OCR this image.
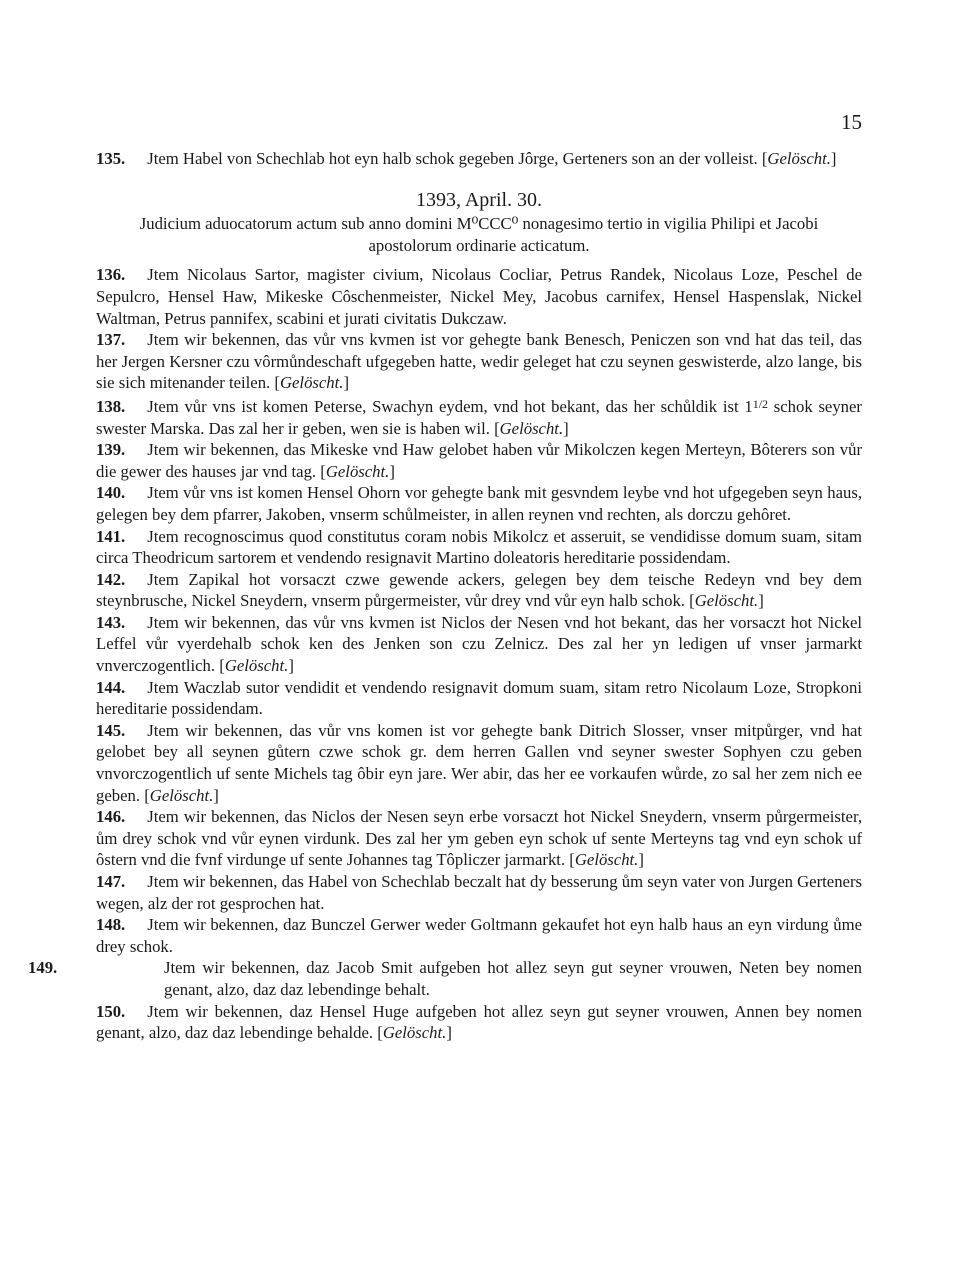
15

135. Jtem Habel von Schechlab hot eyn halb schok gegeben Jôrge, Gerteners son an der volleist. [Gelöscht.]

1393, April. 30.

Judicium aduocatorum actum sub anno domini M⁰CCC⁰ nonagesimo tertio in vigilia Philipi et Jacobi apostolorum ordinarie acticatum.

136. Jtem Nicolaus Sartor, magister civium, Nicolaus Cocliar, Petrus Randek, Nicolaus Loze, Peschel de Sepulcro, Hensel Haw, Mikeske Côschenmeister, Nickel Mey, Jacobus carnifex, Hensel Haspenslak, Nickel Waltman, Petrus pannifex, scabini et jurati civitatis Dukczaw.

137. Jtem wir bekennen, das vůr vns kvmen ist vor gehegte bank Benesch, Peniczen son vnd hat das teil, das her Jergen Kersner czu vôrmůndeschaft ufgegeben hatte, wedir geleget hat czu seynen geswisterde, alzo lange, bis sie sich mitenander teilen. [Gelöscht.]

138. Jtem vůr vns ist komen Peterse, Swachyn eydem, vnd hot bekant, das her schůldik ist $1^{1/2}$ schok seyner swester Marska. Das zal her ir geben, wen sie is haben wil. [Gelöscht.]

139. Jtem wir bekennen, das Mikeske vnd Haw gelobet haben vůr Mikolczen kegen Merteyn, Bôterers son vůr die gewer des hauses jar vnd tag. [Gelöscht.]

140. Jtem vůr vns ist komen Hensel Ohorn vor gehegte bank mit gesvndem leybe vnd hot ufgegeben seyn haus, gelegen bey dem pfarrer, Jakoben, vnserm schůlmeister, in allen reynen vnd rechten, als dorczu gehôret.

141. Jtem recognoscimus quod constitutus coram nobis Mikolcz et asseruit, se vendidisse domum suam, sitam circa Theodricum sartorem et vendendo resignavit Martino doleatoris hereditarie possidendam.

142. Jtem Zapikal hot vorsaczt czwe gewende ackers, gelegen bey dem teische Redeyn vnd bey dem steynbrusche, Nickel Sneydern, vnserm půrgermeister, vůr drey vnd vůr eyn halb schok. [Gelöscht.]

143. Jtem wir bekennen, das vůr vns kvmen ist Niclos der Nesen vnd hot bekant, das her vorsaczt hot Nickel Leffel vůr vyerdehalb schok ken des Jenken son czu Zelnicz. Des zal her yn ledigen uf vnser jarmarkt vnverczogentlich. [Gelöscht.]

144. Jtem Waczlab sutor vendidit et vendendo resignavit domum suam, sitam retro Nicolaum Loze, Stropkoni hereditarie possidendam.

145. Jtem wir bekennen, das vůr vns komen ist vor gehegte bank Ditrich Slosser, vnser mitpůrger, vnd hat gelobet bey all seynen gůtern czwe schok gr. dem herren Gallen vnd seyner swester Sophyen czu geben vnvorczogentlich uf sente Michels tag ôbir eyn jare. Wer abir, das her ee vorkaufen wůrde, zo sal her zem nich ee geben. [Gelöscht.]

146. Jtem wir bekennen, das Niclos der Nesen seyn erbe vorsaczt hot Nickel Sneydern, vnserm půrgermeister, ům drey schok vnd vůr eynen virdunk. Des zal her ym geben eyn schok uf sente Merteyns tag vnd eyn schok uf ôstern vnd die fvnf virdunge uf sente Johannes tag Tôpliczer jarmarkt. [Gelöscht.]

147. Jtem wir bekennen, das Habel von Schechlab beczalt hat dy besserung ům seyn vater von Jurgen Gerteners wegen, alz der rot gesprochen hat.

148. Jtem wir bekennen, daz Bunczel Gerwer weder Goltmann gekaufet hot eyn halb haus an eyn virdung ůme drey schok.

149.	Jtem wir bekennen, daz Jacob Smit aufgeben hot allez seyn gut seyner vrouwen, Neten bey nomen genant, alzo, daz daz lebendinge behalt.

150. Jtem wir bekennen, daz Hensel Huge aufgeben hot allez seyn gut seyner vrouwen, Annen bey nomen genant, alzo, daz daz lebendinge behalde. [Gelöscht.]
